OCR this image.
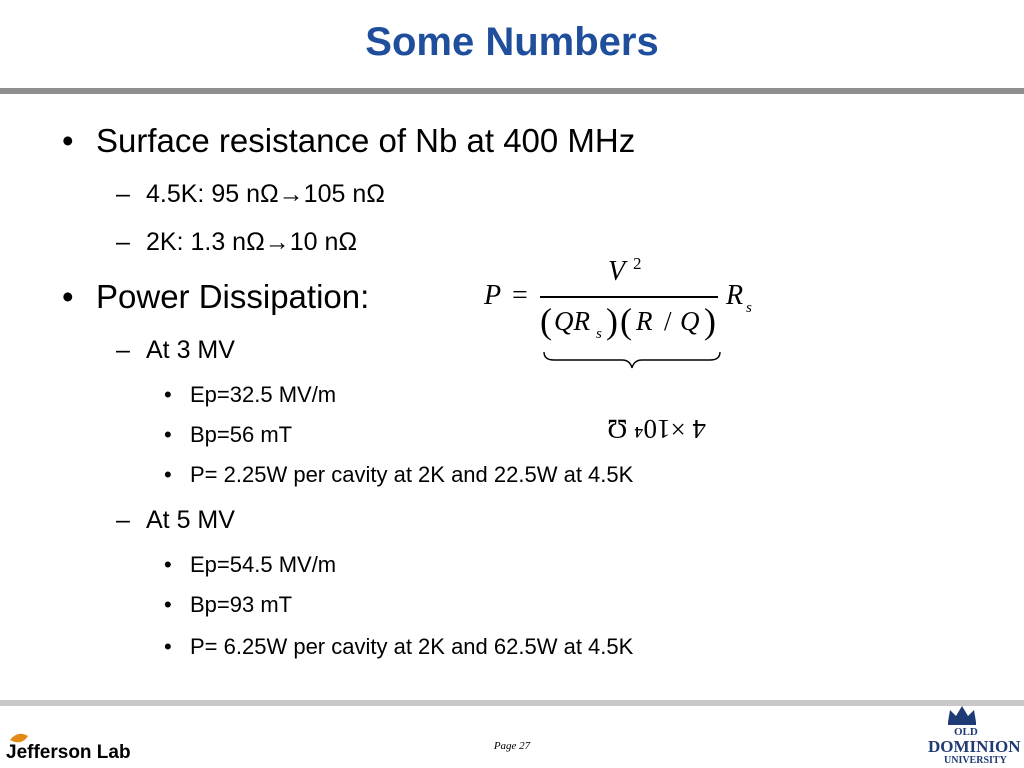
Some Numbers
• Surface resistance of Nb at 400 MHz
– 4.5K: 95 nΩ→105 nΩ
– 2K: 1.3 nΩ→10 nΩ
• Power Dissipation:
– At 3 MV
• Ep=32.5 MV/m
• Bp=56 mT
• P= 2.25W per cavity at 2K and 22.5W at 4.5K
– At 5 MV
• Ep=54.5 MV/m
• Bp=93 mT
• P= 6.25W per cavity at 2K and 62.5W at 4.5K
P =
V 2
( QR s ) ( R / Q )
R s
4 ×10⁴ Ω
Jefferson Lab	Page 27
OLD
DOMINION
UNIVERSITY
